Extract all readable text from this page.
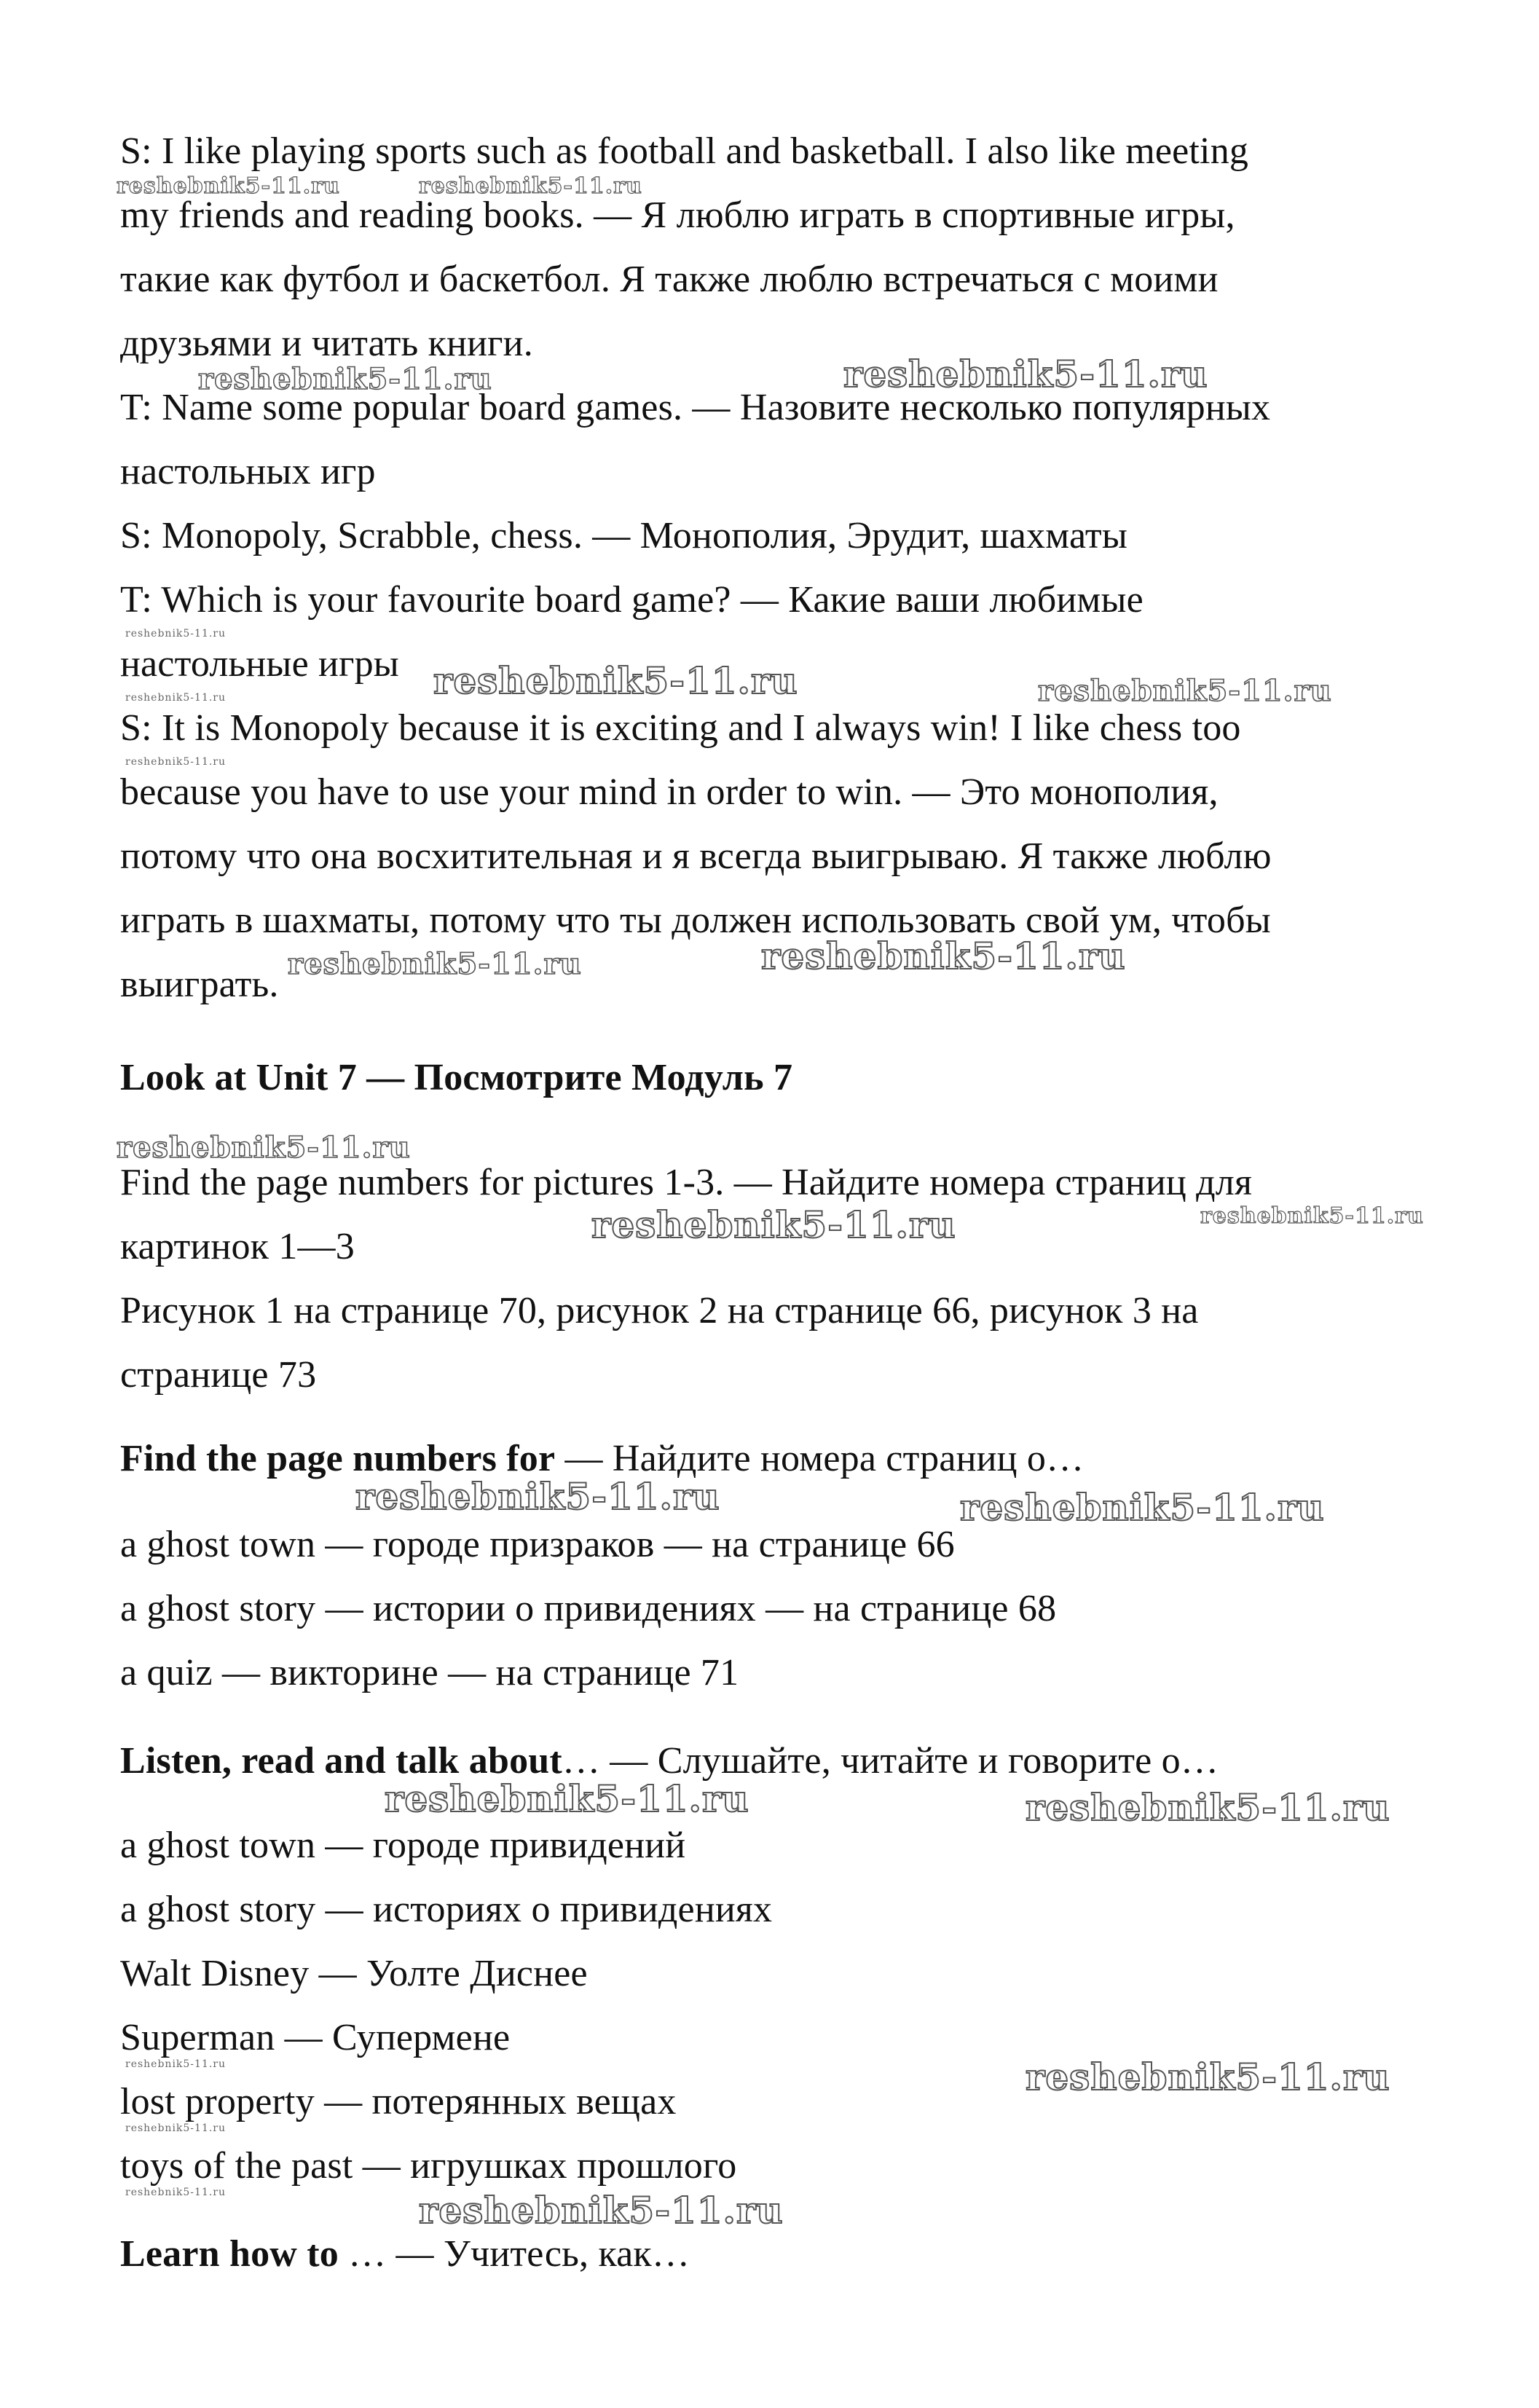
S: I like playing sports such as football and basketball. I also like meeting
my friends and reading books. — Я люблю играть в спортивные игры,
такие как футбол и баскетбол. Я также люблю встречаться с моими
друзьями и читать книги.
T: Name some popular board games. — Назовите несколько популярных
настольных игр
S: Monopoly, Scrabble, chess. — Монополия, Эрудит, шахматы
T: Which is your favourite board game? — Какие ваши любимые
настольные игры
S: It is Monopoly because it is exciting and I always win! I like chess too
because you have to use your mind in order to win. — Это монополия,
потому что она восхитительная и я всегда выигрываю. Я также люблю
играть в шахматы, потому что ты должен использовать свой ум, чтобы
выиграть.
Look at Unit 7 — Посмотрите Модуль 7
Find the page numbers for pictures 1-3. — Найдите номера страниц для
картинок 1—3
Рисунок 1 на странице 70, рисунок 2 на странице 66, рисунок 3 на
странице 73
Find the page numbers for — Найдите номера страниц о…
a ghost town — городе призраков — на странице 66
a ghost story — истории о привидениях — на странице 68
a quiz — викторине — на странице 71
Listen, read and talk about… — Слушайте, читайте и говорите о…
a ghost town — городе привидений
a ghost story — историях о привидениях
Walt Disney — Уолте Диснее
Superman — Супермене
lost property — потерянных вещах
toys of the past — игрушках прошлого
Learn how to … — Учитесь, как…
reshebnik5-11.ru	reshebnik5-11.ru
reshebnik5-11.ru	reshebnik5-11.ru
reshebnik5-11.ru
reshebnik5-11.ru	reshebnik5-11.ru
reshebnik5-11.ru
reshebnik5-11.ru
reshebnik5-11.ru	reshebnik5-11.ru
reshebnik5-11.ru
reshebnik5-11.ru	reshebnik5-11.ru
reshebnik5-11.ru	reshebnik5-11.ru
reshebnik5-11.ru	reshebnik5-11.ru
reshebnik5-11.ru	reshebnik5-11.ru
reshebnik5-11.ru
reshebnik5-11.ru	reshebnik5-11.ru
